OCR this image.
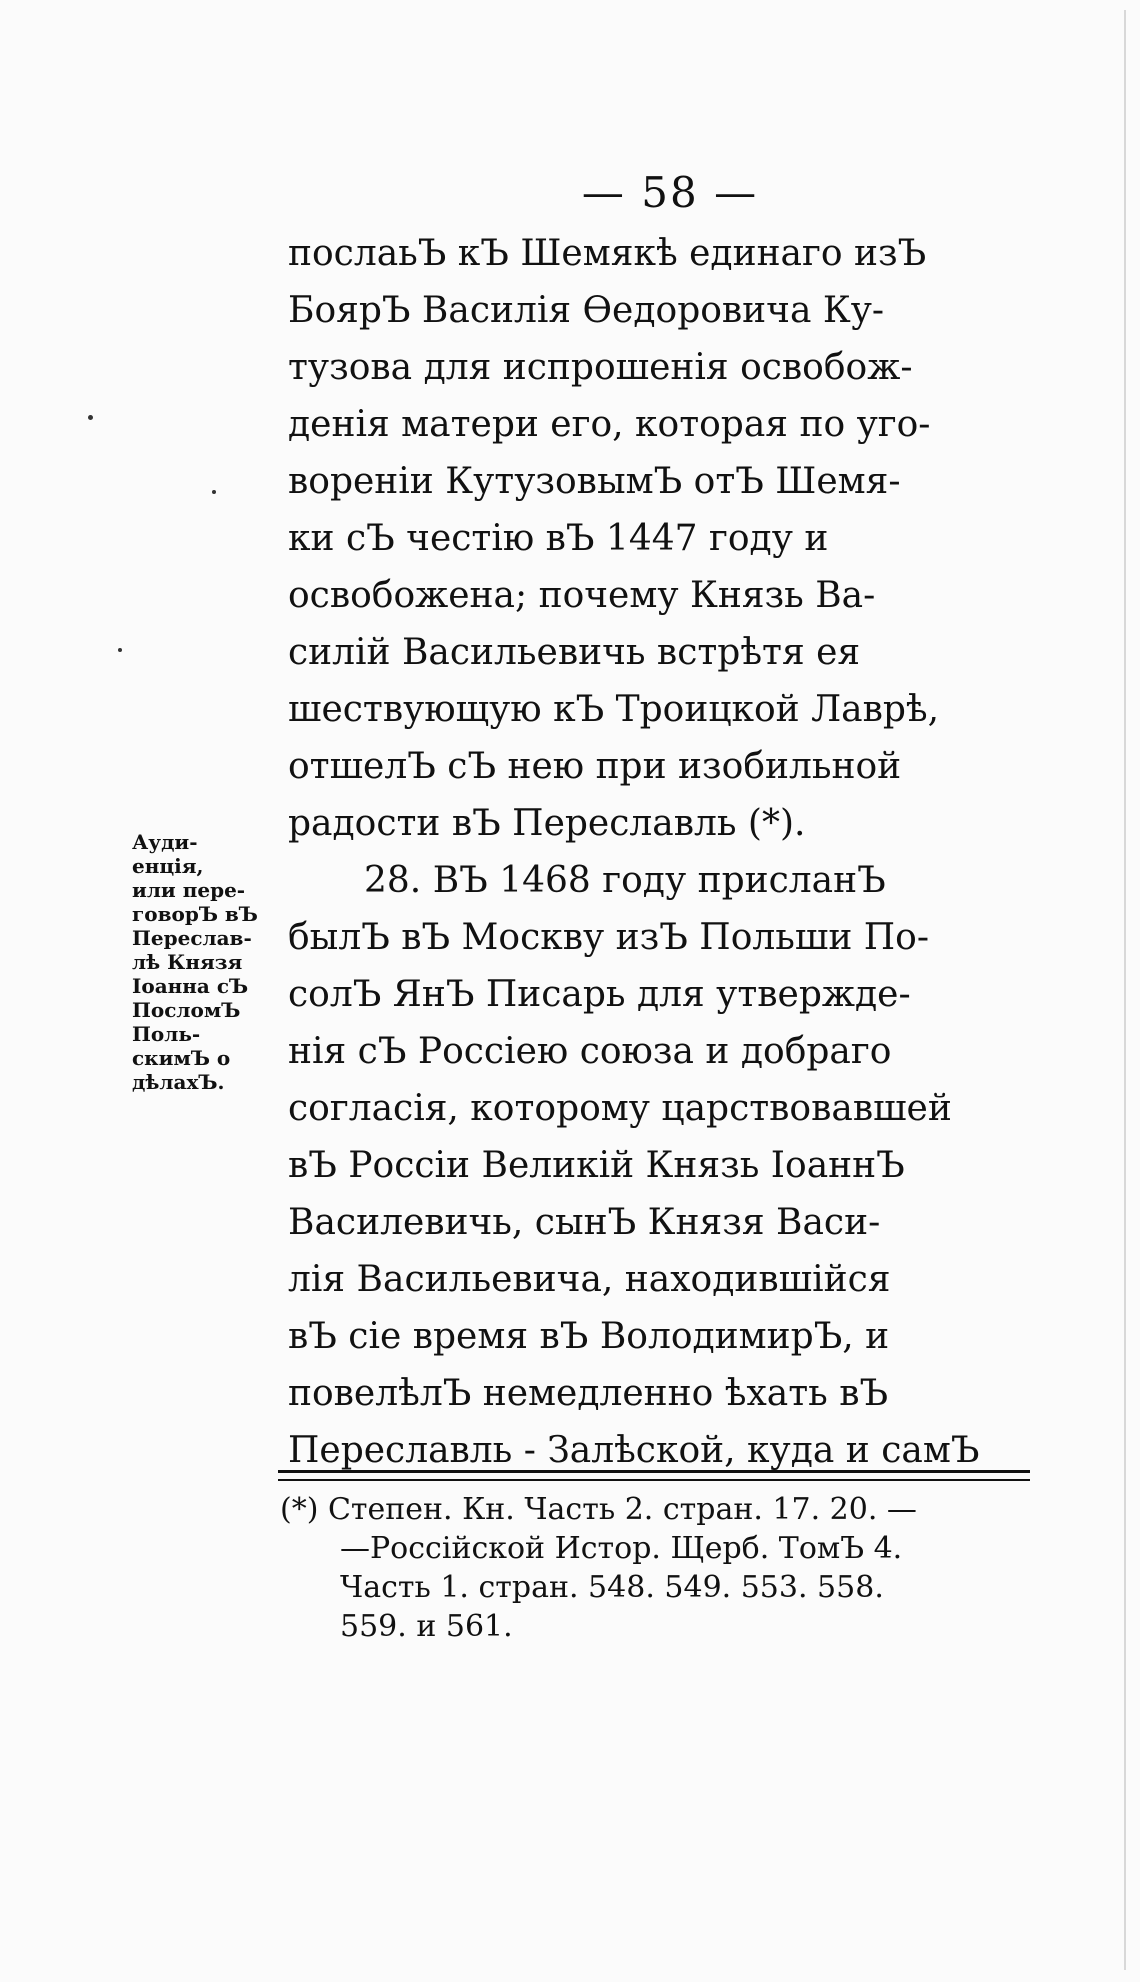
— 58 —
послаьЪ кЪ Шемякѣ единаго изЪ
БоярЪ Василія Ѳедоровича Ку-
тузова для испрошенія освобож-
денія матери его, которая по уго-
вореніи КутузовымЪ отЪ Шемя-
ки сЪ честію вЪ 1447 году и
освобожена; почему Князь Ва-
силій Васильевичь встрѣтя ея
шествующую кЪ Троицкой Лаврѣ,
отшелЪ сЪ нею при изобильной
радости вЪ Переславль (*).
28. ВЪ 1468 году присланЪ
былЪ вЪ Москву изЪ Польши По-
солЪ ЯнЪ Писарь для утвержде-
нія сЪ Россіею союза и добраго
согласія, которому царствовавшей
вЪ Россіи Великій Князь ІоаннЪ
Василевичь, сынЪ Князя Васи-
лія Васильевича, находившійся
вЪ сіе время вЪ ВолодимирЪ, и
повелѣлЪ немедленно ѣхать вЪ
Переславль - Залѣской, куда и самЪ
Ауди-
енція,
или пере-
говорЪ вЪ
Переслав-
лѣ Князя
Іоанна сЪ
ПосломЪ
Поль-
скимЪ о
дѣлахЪ.
(*) Степен. Кн. Часть 2. стран. 17. 20. —
—Россійской Истор. Щерб. ТомЪ 4.
Часть 1. стран. 548. 549. 553. 558.
559. и 561.
